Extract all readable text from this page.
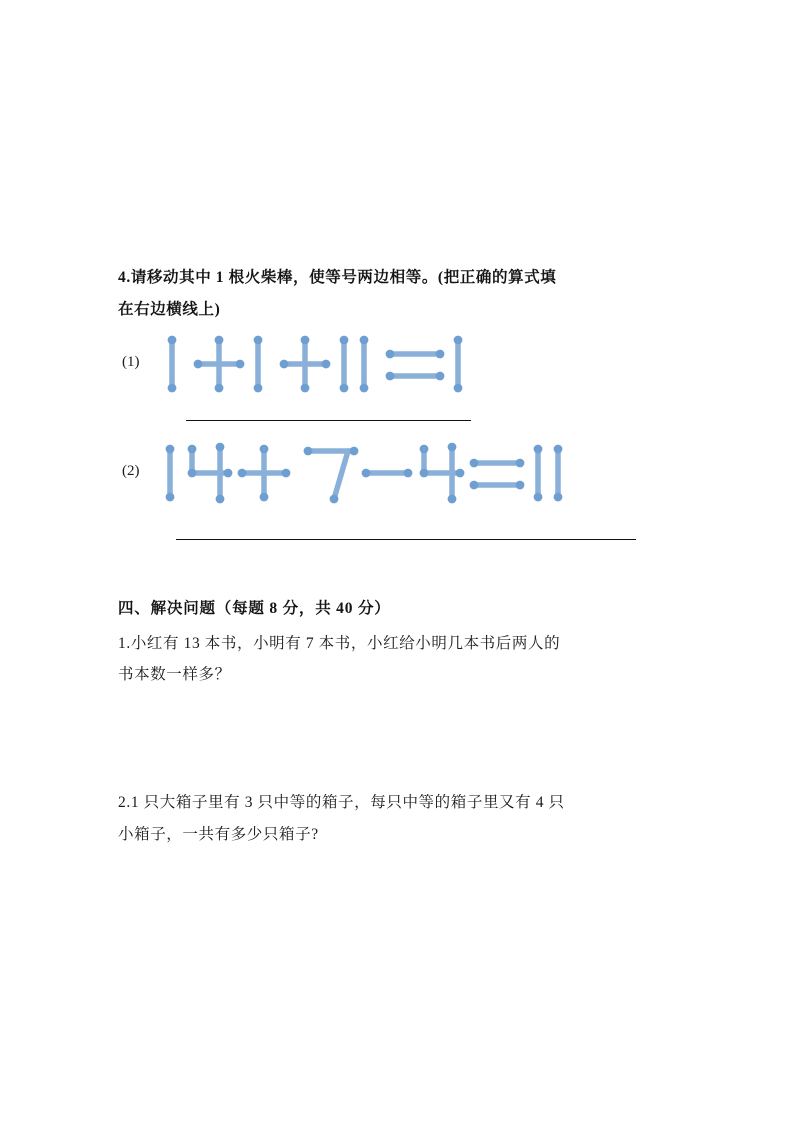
4.请移动其中 1 根火柴棒，使等号两边相等。(把正确的算式填

在右边横线上)

(1)
(2)

四、解决问题（每题 8 分，共 40 分）

1.小红有 13 本书，小明有 7 本书，小红给小明几本书后两人的

书本数一样多？

2.1 只大箱子里有 3 只中等的箱子，每只中等的箱子里又有 4 只

小箱子，一共有多少只箱子?
